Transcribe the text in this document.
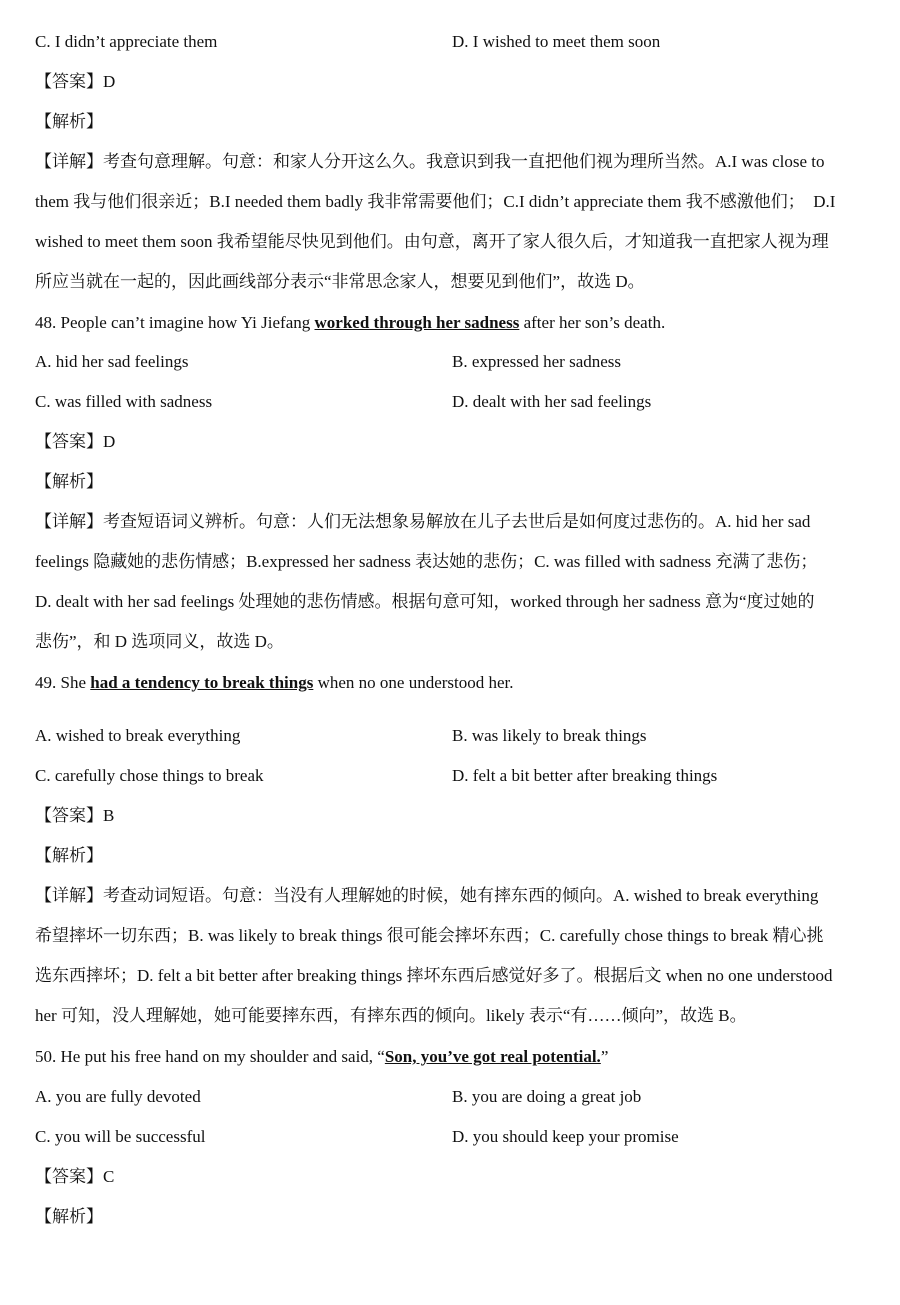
C. I didn’t appreciate them	D. I wished to meet them soon
【答案】D
【解析】
【详解】考查句意理解。句意：和家人分开这么久。我意识到我一直把他们视为理所当然。A.I was close to
them 我与他们很亲近；B.I needed them badly 我非常需要他们；C.I didn’t appreciate them 我不感激他们；　D.I
wished to meet them soon 我希望能尽快见到他们。由句意，离开了家人很久后，才知道我一直把家人视为理
所应当就在一起的，因此画线部分表示“非常思念家人，想要见到他们”，故选 D。
48. People can’t imagine how Yi Jiefang worked through her sadness after her son’s death.
A. hid her sad feelings	B. expressed her sadness
C. was filled with sadness	D. dealt with her sad feelings
【答案】D
【解析】
【详解】考查短语词义辨析。句意：人们无法想象易解放在儿子去世后是如何度过悲伤的。A. hid her sad
feelings 隐藏她的悲伤情感；B.expressed her sadness 表达她的悲伤；C. was filled with sadness 充满了悲伤；
D. dealt with her sad feelings 处理她的悲伤情感。根据句意可知，worked through her sadness 意为“度过她的
悲伤”，和 D 选项同义，故选 D。
49. She had a tendency to break things when no one understood her.
A. wished to break everything	B. was likely to break things
C. carefully chose things to break	D. felt a bit better after breaking things
【答案】B
【解析】
【详解】考查动词短语。句意：当没有人理解她的时候，她有摔东西的倾向。A. wished to break everything
希望摔坏一切东西；B. was likely to break things 很可能会摔坏东西；C. carefully chose things to break 精心挑
选东西摔坏；D. felt a bit better after breaking things 摔坏东西后感觉好多了。根据后文 when no one understood
her 可知，没人理解她，她可能要摔东西，有摔东西的倾向。likely 表示“有……倾向”，故选 B。
50. He put his free hand on my shoulder and said, “Son, you’ve got real potential.”
A. you are fully devoted	B. you are doing a great job
C. you will be successful	D. you should keep your promise
【答案】C
【解析】
